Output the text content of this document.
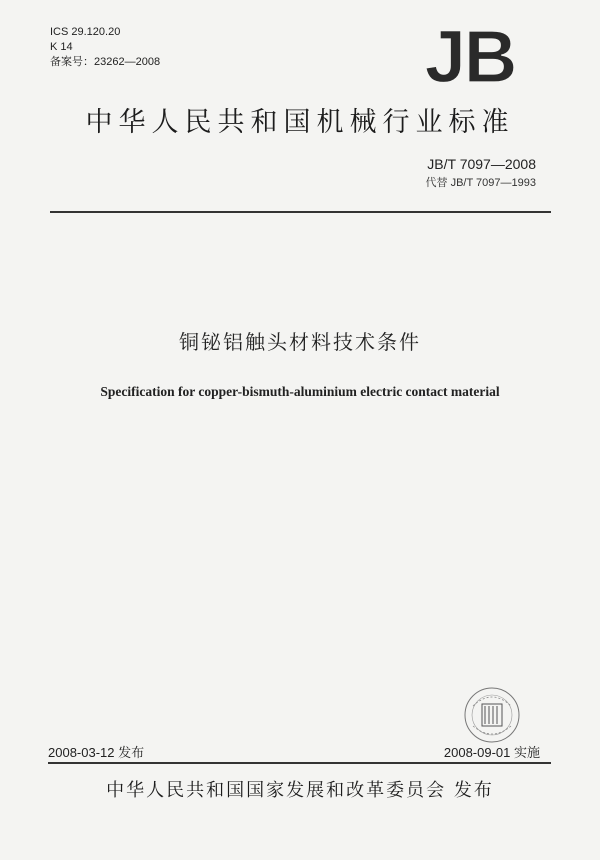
ICS 29.120.20
K 14
备案号：23262—2008	JB
中华人民共和国机械行业标准
JB/T 7097—2008
代替 JB/T 7097—1993
铜铋铝触头材料技术条件
Specification for copper-bismuth-aluminium electric contact material
2008-03-12 发布	2008-09-01 实施
中华人民共和国国家发展和改革委员会 发布
